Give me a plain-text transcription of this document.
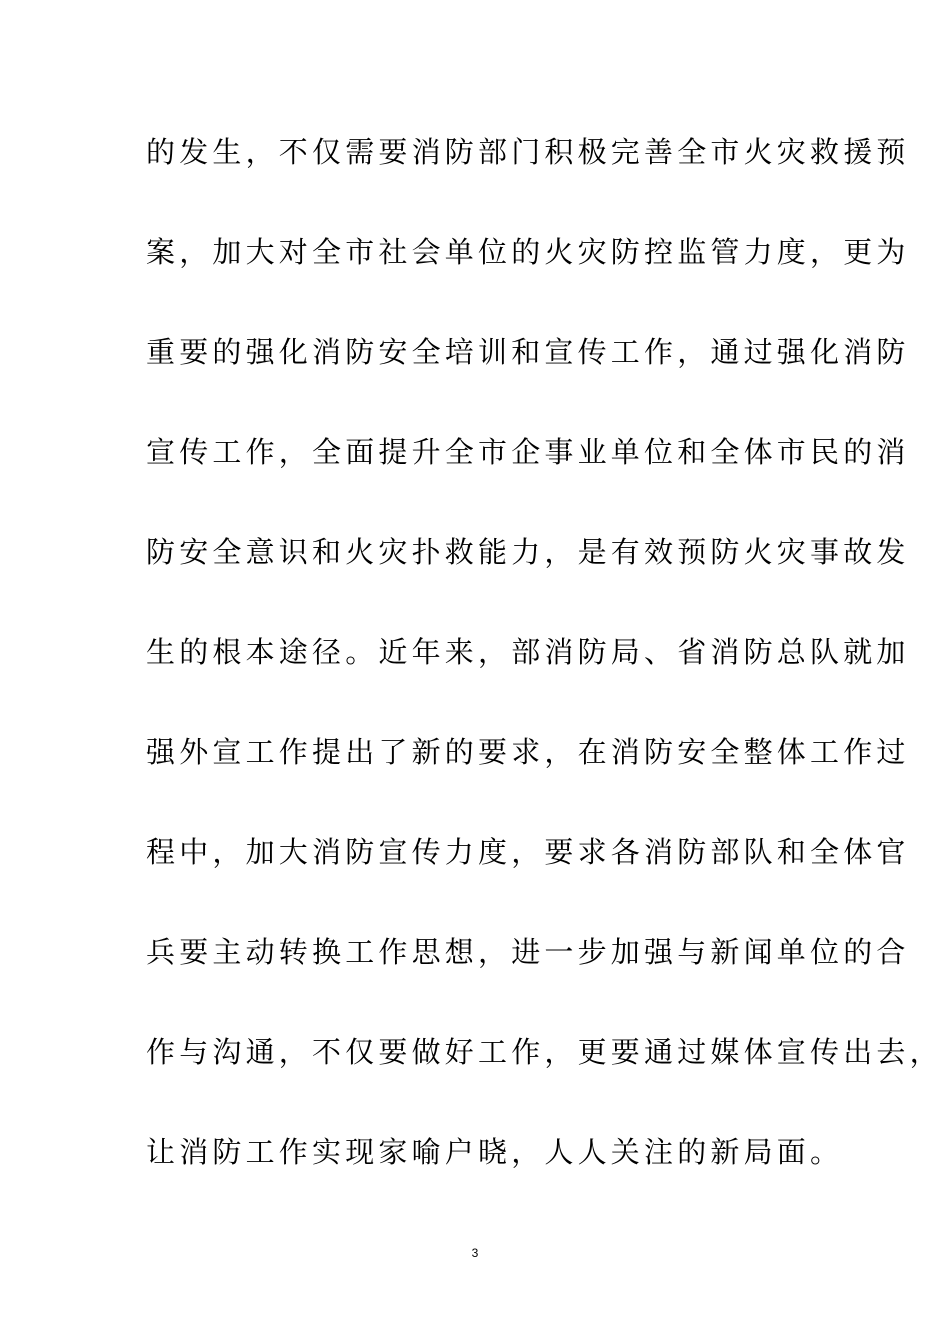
的发生，不仅需要消防部门积极完善全市火灾救援预
案，加大对全市社会单位的火灾防控监管力度，更为
重要的强化消防安全培训和宣传工作，通过强化消防
宣传工作，全面提升全市企事业单位和全体市民的消
防安全意识和火灾扑救能力，是有效预防火灾事故发
生的根本途径。近年来，部消防局、省消防总队就加
强外宣工作提出了新的要求，在消防安全整体工作过
程中，加大消防宣传力度，要求各消防部队和全体官
兵要主动转换工作思想，进一步加强与新闻单位的合
作与沟通，不仅要做好工作，更要通过媒体宣传出去，
让消防工作实现家喻户晓，人人关注的新局面。
3
